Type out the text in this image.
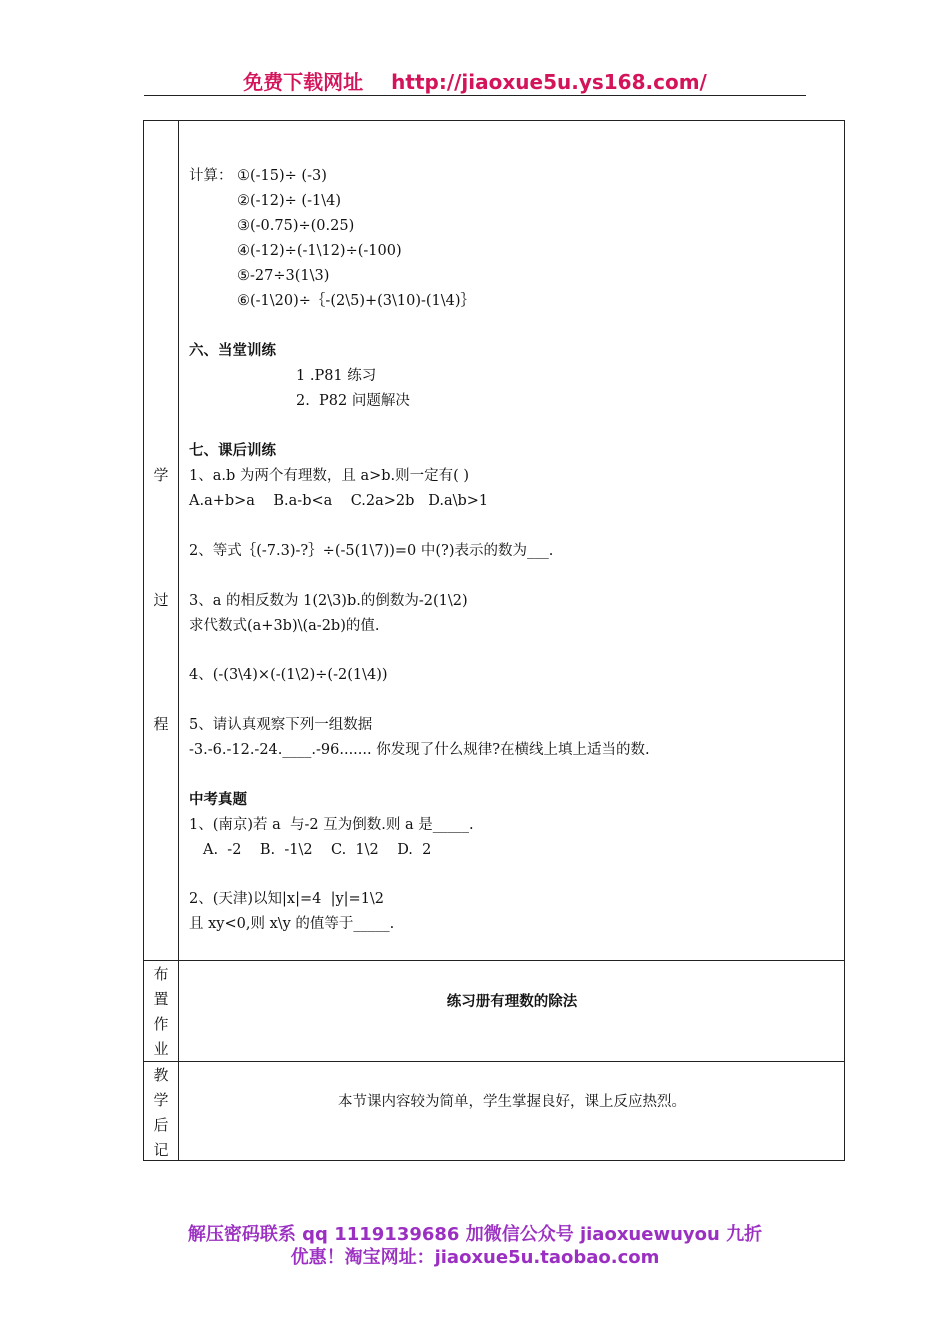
免费下载网址 http://jiaoxue5u.ys168.com/
学
过
程
布
置
作
业
教
学
后
记
计算： ①(-15)÷ (-3)
②(-12)÷ (-1\4)
③(-0.75)÷(0.25)
④(-12)÷(-1\12)÷(-100)
⑤-27÷3(1\3)
⑥(-1\20)÷｛-(2\5)+(3\10)-(1\4)｝
六、当堂训练
1 .P81 练习
2.  P82 问题解决
七、课后训练
1、a.b 为两个有理数，且 a>b.则一定有( )
A.a+b>a    B.a-b<a    C.2a>2b   D.a\b>1
2、等式｛(-7.3)-?｝÷(-5(1\7))=0 中(?)表示的数为___.
3、a 的相反数为 1(2\3)b.的倒数为-2(1\2)
求代数式(a+3b)\(a-2b)的值.
4、(-(3\4)×(-(1\2)÷(-2(1\4))
5、请认真观察下列一组数据
-3.-6.-12.-24.____.-96....... 你发现了什么规律?在横线上填上适当的数.
中考真题
1、(南京)若 a  与-2 互为倒数.则 a 是_____.
A.  -2    B.  -1\2    C.  1\2    D.  2
2、(天津)以知|x|=4  |y|=1\2
且 xy<0,则 x\y 的值等于_____.
练习册有理数的除法
本节课内容较为简单，学生掌握良好，课上反应热烈。
解压密码联系 qq 1119139686 加微信公众号 jiaoxuewuyou 九折
优惠！淘宝网址：jiaoxue5u.taobao.com
